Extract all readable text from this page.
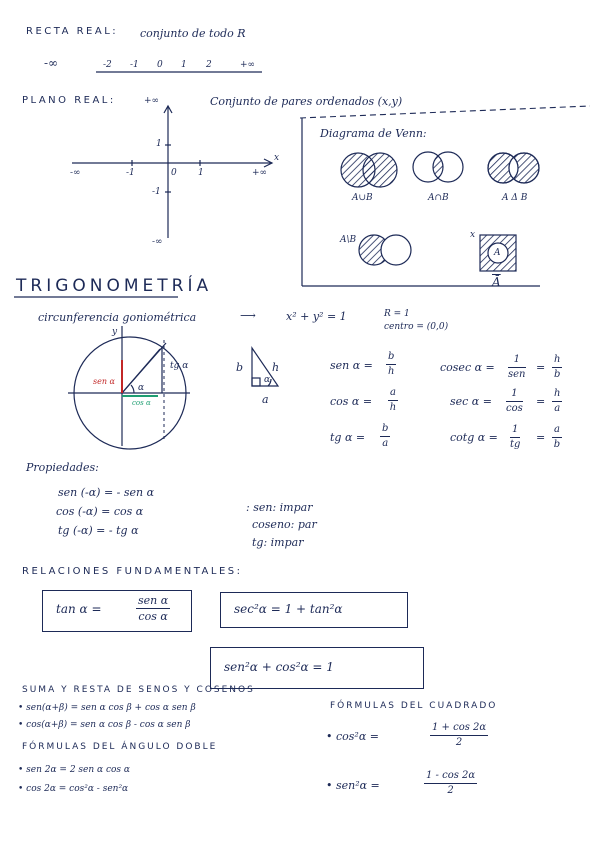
RECTA REAL: conjunto de todo R
-∞	-2 -1 0 1 2	+∞
PLANO REAL:	+∞	Conjunto de pares ordenados (x,y)
x
1
-1
-∞
-∞	-1	0 1	+∞
Diagrama de Venn:
A∪B	A∩B	A Δ B
A\B	x
A
$\overline{Ā}$
TRIGONOMETRÍA
circunferencia goniométrica	⟶	x² + y² = 1	R = 1
centro = (0,0)
y
sen α
tg α
cos α
α
b	h
a
α
sen $\alpha = \frac{b}{h}$
$\cos \alpha = \frac{a}{h}$
tg $\alpha = \frac{b}{a}$
cosec α =
1
sen
= $\frac{h}{b}$
$\sec \alpha = \frac{1}{\cos} = \frac{h}{a}$
cotg $\alpha = \frac{1}{tg} = \frac{a}{b}$
Propiedades:
sen (-α) = - sen α
cos (-α) = cos α
tg (-α) = - tg α
: sen: impar
coseno: par
tg: impar
RELACIONES FUNDAMENTALES:
tan α =
sen α
cos α
sec²α = 1 + tan²α
sen²α + cos²α = 1
SUMA Y RESTA DE SENOS Y COSENOS
• sen(α+β) = sen α cos β + cos α sen β
• cos(α+β) = sen α cos β - cos α sen β
FÓRMULAS DEL ÁNGULO DOBLE
• sen 2α = 2 sen α cos α
• cos 2α = cos²α - sen²α
FÓRMULAS DEL CUADRADO
• cos²α =	$\frac{1 + \cos 2\alpha}{2}$
• sen²α =	$\frac{1 - \cos 2\alpha}{2}$
